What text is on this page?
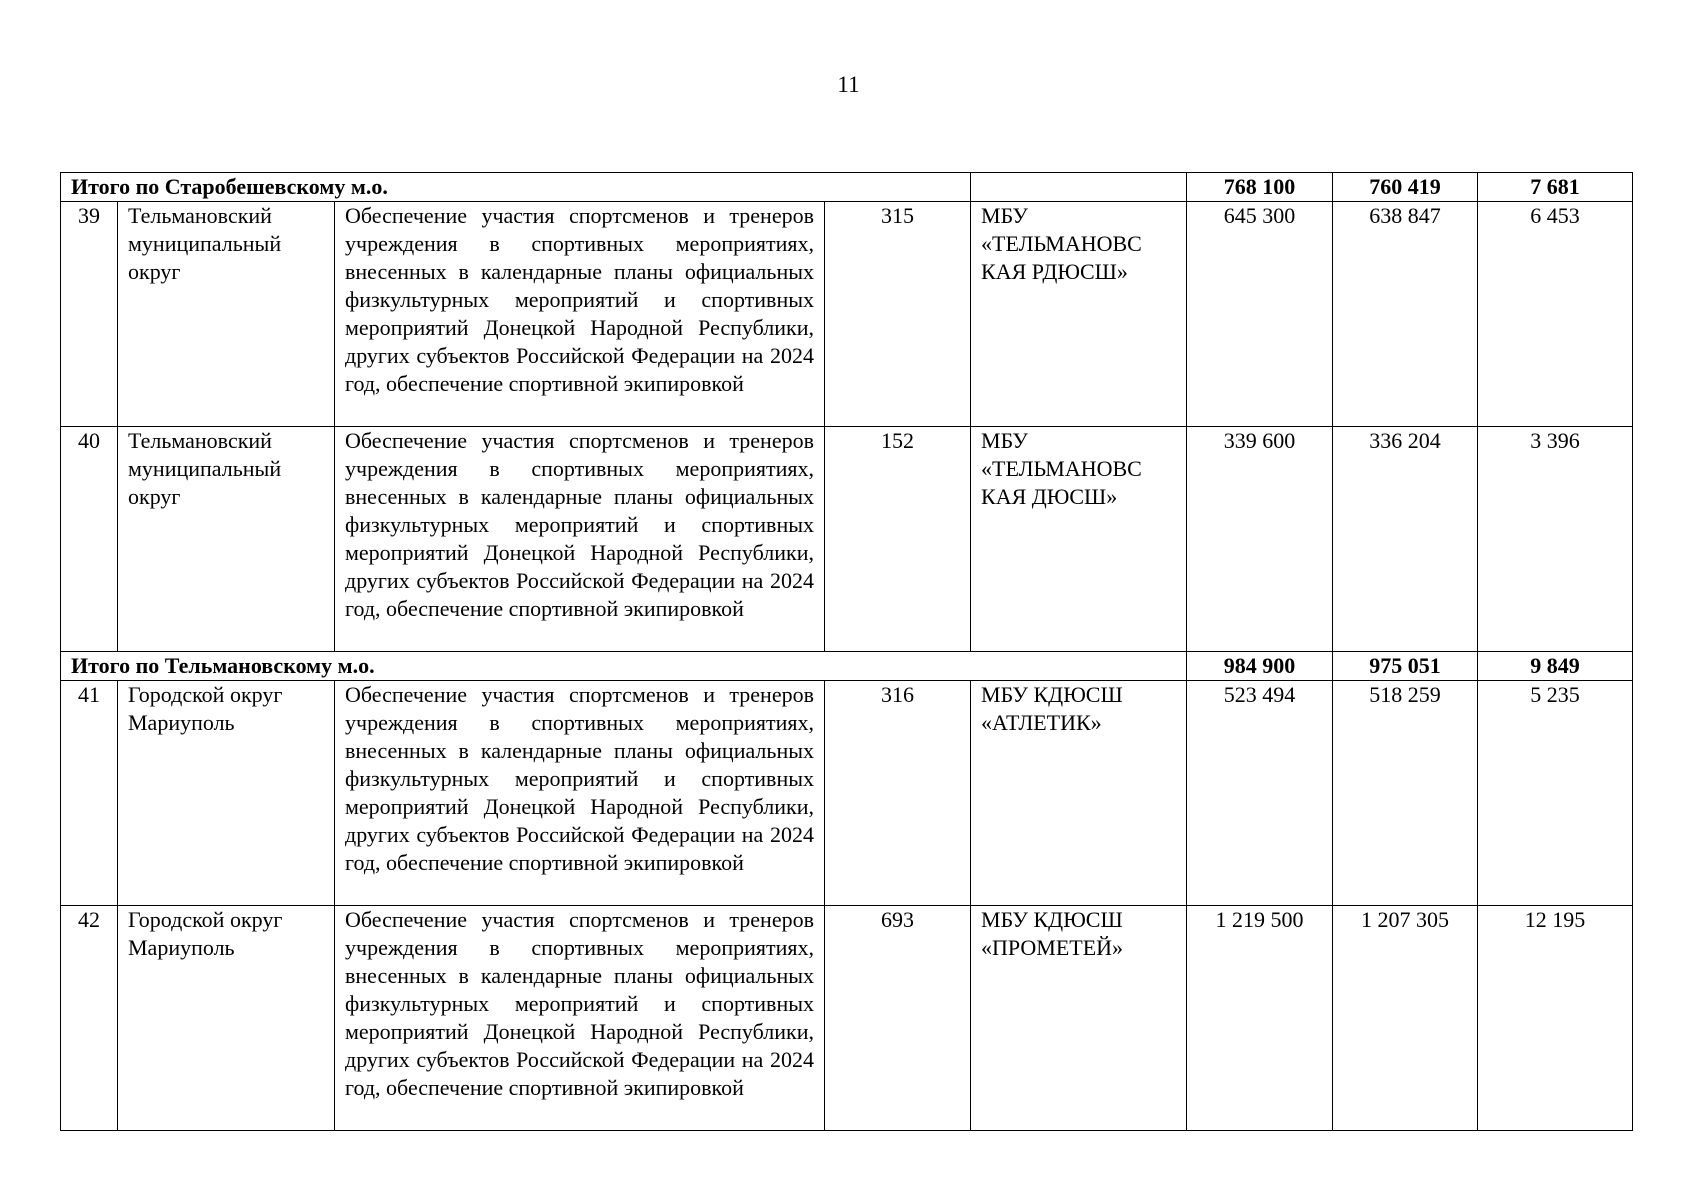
11
Итого по Старобешевскому м.о.					768 100	760 419	7 681
39	Тельмановский муниципальный округ	Обеспечение участия спортсменов и тренеров учреждения в спортивных мероприятиях, внесенных в календарные планы официальных физкультурных мероприятий и спортивных мероприятий Донецкой Народной Республики, других субъектов Российской Федерации на 2024
год, обеспечение спортивной экипировкой	315	МБУ «ТЕЛЬМАНОВС КАЯ РДЮСШ»	645 300	638 847	6 453
40	Тельмановский муниципальный округ	Обеспечение участия спортсменов и тренеров учреждения в спортивных мероприятиях, внесенных в календарные планы официальных физкультурных мероприятий и спортивных мероприятий Донецкой Народной Республики, других субъектов Российской Федерации на 2024
год, обеспечение спортивной экипировкой	152	МБУ «ТЕЛЬМАНОВС КАЯ ДЮСШ»	339 600	336 204	3 396
Итого по Тельмановскому м.о.					984 900	975 051	9 849
41	Городской округ Мариуполь	Обеспечение участия спортсменов и тренеров учреждения в спортивных мероприятиях, внесенных в календарные планы официальных физкультурных мероприятий и спортивных мероприятий Донецкой Народной Республики, других субъектов Российской Федерации на 2024
год, обеспечение спортивной экипировкой	316	МБУ КДЮСШ «АТЛЕТИК»	523 494	518 259	5 235
42	Городской округ Мариуполь	Обеспечение участия спортсменов и тренеров учреждения в спортивных мероприятиях, внесенных в календарные планы официальных физкультурных мероприятий и спортивных мероприятий Донецкой Народной Республики, других субъектов Российской Федерации на 2024
год, обеспечение спортивной экипировкой	693	МБУ КДЮСШ «ПРОМЕТЕЙ»	1 219 500	1 207 305	12 195
